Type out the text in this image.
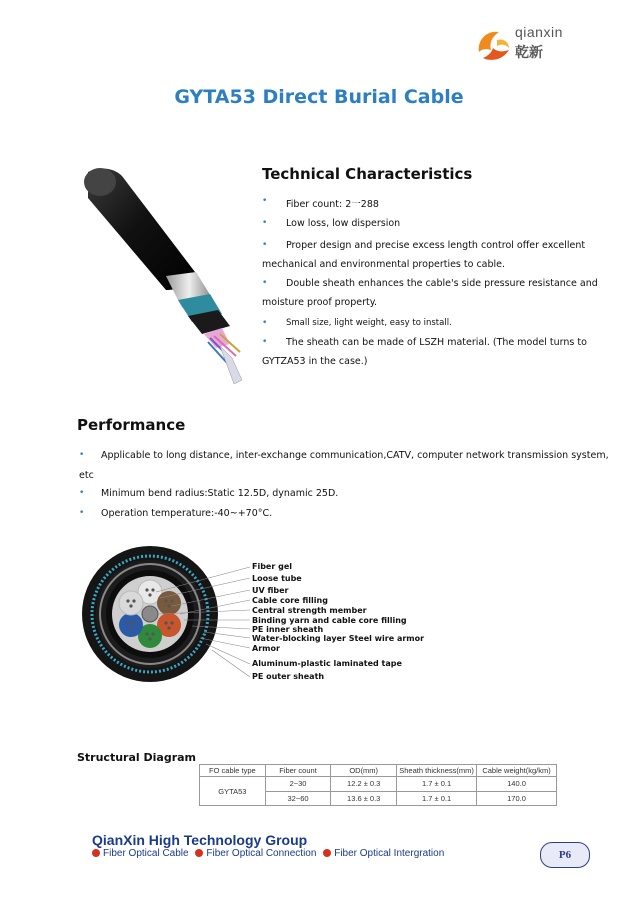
qianxin
乾新
GYTA53 Direct Burial Cable
Technical Characteristics
• Fiber count: 2一288
• Low loss, low dispersion
• Proper design and precise excess length control offer excellent
mechanical and environmental properties to cable.
• Double sheath enhances the cable's side pressure resistance and
moisture proof property.
• Small size, light weight, easy to install.
• The sheath can be made of LSZH material. (The model turns to
GYTZA53 in the case.)
Performance
• Applicable to long distance, inter-exchange communication,CATV, computer network transmission system,
etc
• Minimum bend radius:Static 12.5D, dynamic 25D.
• Operation temperature:-40~+70°C.
Fiber gel
Loose tube
UV fiber
Cable core filling
Central strength member
Binding yarn and cable core filling
PE inner sheath
Water-blocking layer Steel wire armor
Armor
Aluminum-plastic laminated tape
PE outer sheath
Structural Diagram
FO cable type	Fiber count	OD(mm)	Sheath thickness(mm)	Cable weight(kg/km)
GYTA53	2~30	12.2 ± 0.3	1.7 ± 0.1	140.0
	32~60	13.6 ± 0.3	1.7 ± 0.1	170.0
QianXin High Technology Group
Fiber Optical Cable Fiber Optical Connection Fiber Optical Intergration	P6
